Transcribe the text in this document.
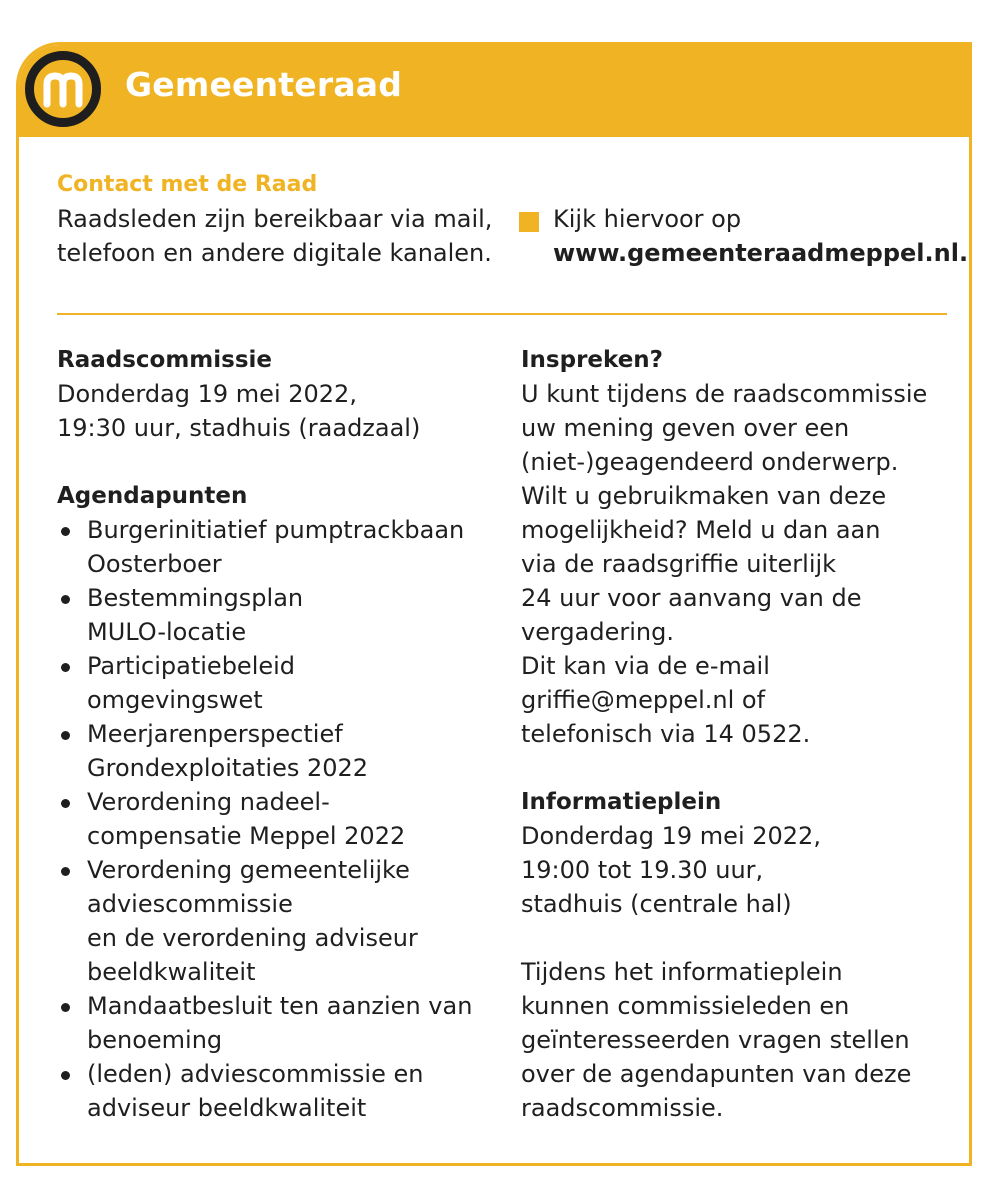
Gemeenteraad
Contact met de Raad

Raadsleden zijn bereikbaar via mail,

telefoon en andere digitale kanalen.

Kijk hiervoor op
www.gemeenteraadmeppel.nl.

Raadscommissie

Donderdag 19 mei 2022,

19:30 uur, stadhuis (raadzaal)

Agendapunten

Burgerinitiatief pumptrackbaan
Oosterboer
Bestemmingsplan
MULO-locatie
Participatiebeleid
omgevingswet
Meerjarenperspectief
Grondexploitaties 2022
Verordening nadeel-
compensatie Meppel 2022
Verordening gemeentelijke
adviescommissie
en de verordening adviseur
beeldkwaliteit
Mandaatbesluit ten aanzien van
benoeming
(leden) adviescommissie en
adviseur beeldkwaliteit

Inspreken?

U kunt tijdens de raadscommissie

uw mening geven over een

(niet-)geagendeerd onderwerp.

Wilt u gebruikmaken van deze

mogelijkheid? Meld u dan aan

via de raadsgriffie uiterlijk

24 uur voor aanvang van de

vergadering.

Dit kan via de e-mail

griffie@meppel.nl of

telefonisch via 14 0522.

Informatieplein

Donderdag 19 mei 2022,

19:00 tot 19.30 uur,

stadhuis (centrale hal)

Tijdens het informatieplein

kunnen commissieleden en

geïnteresseerden vragen stellen

over de agendapunten van deze

raadscommissie.
